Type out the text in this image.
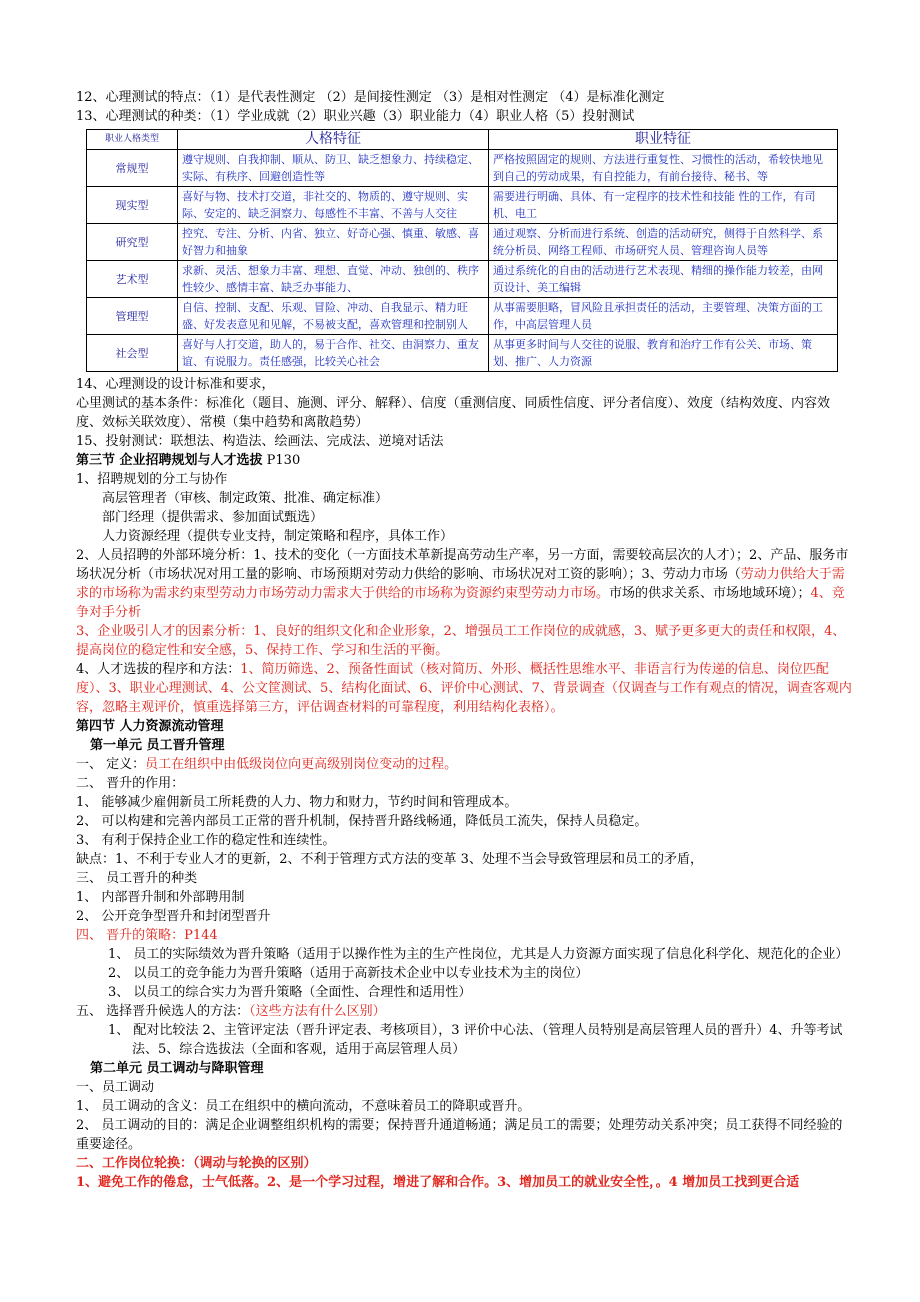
12、心理测试的特点：（1）是代表性测定 （2）是间接性测定 （3）是相对性测定 （4）是标准化测定

13、心理测试的种类：（1）学业成就（2）职业兴趣（3）职业能力（4）职业人格（5）投射测试

职业人格类型	人格特征	职业特征
常规型	遵守规则、自我抑制、顺从、防卫、缺乏想象力、持续稳定、实际、有秩序、回避创造性等	严格按照固定的规则、方法进行重复性、习惯性的活动，希较快地见到自己的劳动成果，有自控能力，有前台接待、秘书、等
现实型	喜好与物、技术打交道，非社交的、物质的、遵守规则、实际、安定的、缺乏洞察力、每感性不丰富、不善与人交往	需要进行明确、具体、有一定程序的技术性和技能 性的工作，有司机、电工
研究型	控究、专注、分析、内省、独立、好奇心强、慎重、敏感、喜好智力和抽象	通过观察、分析而进行系统、创造的活动研究，侧得于自然科学、系统分析员、网络工程师、市场研究人员、管理咨询人员等
艺术型	求新、灵活、想象力丰富、理想、直觉、冲动、独创的、秩序性较少、感情丰富、缺乏办事能力、	通过系统化的自由的活动进行艺术表现、精细的操作能力较差，由网页设计、美工编辑
管理型	自信、控制、支配、乐观、冒险、冲动、自我显示、精力旺盛、好发表意见和见解，不易被支配，喜欢管理和控制别人	从事需要胆略，冒风险且承担责任的活动，主要管理、决策方面的工作，中高层管理人员
社会型	喜好与人打交道，助人的，易于合作、社交、由洞察力、重友谊、有说服力。责任感强，比较关心社会	从事更多时间与人交往的说服、教育和治疗工作有公关、市场、策划、推广、人力资源

14、心理测设的设计标准和要求，

心里测试的基本条件：标准化（题目、施测、评分、解释）、信度（重测信度、同质性信度、评分者信度）、效度（结构效度、内容效度、效标关联效度）、常模（集中趋势和离散趋势）

15、投射测试：联想法、构造法、绘画法、完成法、逆境对话法

第三节 企业招聘规划与人才选拔 P130

1、招聘规划的分工与协作

高层管理者（审核、制定政策、批准、确定标准）

部门经理（提供需求、参加面试甄选）

人力资源经理（提供专业支持，制定策略和程序，具体工作）

2、人员招聘的外部环境分析：1、技术的变化（一方面技术革新提高劳动生产率，另一方面，需要较高层次的人才）；2、产品、服务市场状况分析（市场状况对用工量的影响、市场预期对劳动力供给的影响、市场状况对工资的影响）；3、劳动力市场（劳动力供给大于需求的市场称为需求约束型劳动力市场劳动力需求大于供给的市场称为资源约束型劳动力市场。市场的供求关系、市场地域环境）；4、竞争对手分析

3、企业吸引人才的因素分析：1、良好的组织文化和企业形象，2、增强员工工作岗位的成就感，3、赋予更多更大的责任和权限，4、提高岗位的稳定性和安全感，5、保持工作、学习和生活的平衡。

4、人才选拔的程序和方法：1、简历筛选、2、预备性面试（核对简历、外形、概括性思维水平、非语言行为传递的信息、岗位匹配度）、3、职业心理测试、4、公文筐测试、5、结构化面试、6、评价中心测试、7、背景调查（仅调查与工作有观点的情况，调查客观内容，忽略主观评价，慎重选择第三方，评估调查材料的可靠程度，利用结构化表格）。

第四节 人力资源流动管理

第一单元 员工晋升管理

一、 定义：员工在组织中由低级岗位向更高级别岗位变动的过程。

二、 晋升的作用：

1、 能够减少雇佣新员工所耗费的人力、物力和财力，节约时间和管理成本。

2、 可以构建和完善内部员工正常的晋升机制，保持晋升路线畅通，降低员工流失，保持人员稳定。

3、 有利于保持企业工作的稳定性和连续性。

缺点：1、不利于专业人才的更新，2、不利于管理方式方法的变革 3、处理不当会导致管理层和员工的矛盾，

三、 员工晋升的种类

1、 内部晋升制和外部聘用制

2、 公开竞争型晋升和封闭型晋升

四、 晋升的策略：P144

1、 员工的实际绩效为晋升策略（适用于以操作性为主的生产性岗位，尤其是人力资源方面实现了信息化科学化、规范化的企业）

2、 以员工的竞争能力为晋升策略（适用于高新技术企业中以专业技术为主的岗位）

3、 以员工的综合实力为晋升策略（全面性、合理性和适用性）

五、 选择晋升候选人的方法：（这些方法有什么区别）

1、 配对比较法 2、主管评定法（晋升评定表、考核项目），3 评价中心法、（管理人员特别是高层管理人员的晋升）4、升等考试法、5、综合选拔法（全面和客观，适用于高层管理人员）

第二单元 员工调动与降职管理

一、员工调动

1、 员工调动的含义：员工在组织中的横向流动，不意味着员工的降职或晋升。

2、 员工调动的目的：满足企业调整组织机构的需要；保持晋升通道畅通；满足员工的需要；处理劳动关系冲突；员工获得不同经验的重要途径。

二、工作岗位轮换：（调动与轮换的区别）

1、避免工作的倦怠，士气低落。2、是一个学习过程，增进了解和合作。3、增加员工的就业安全性，。4 增加员工找到更合适
